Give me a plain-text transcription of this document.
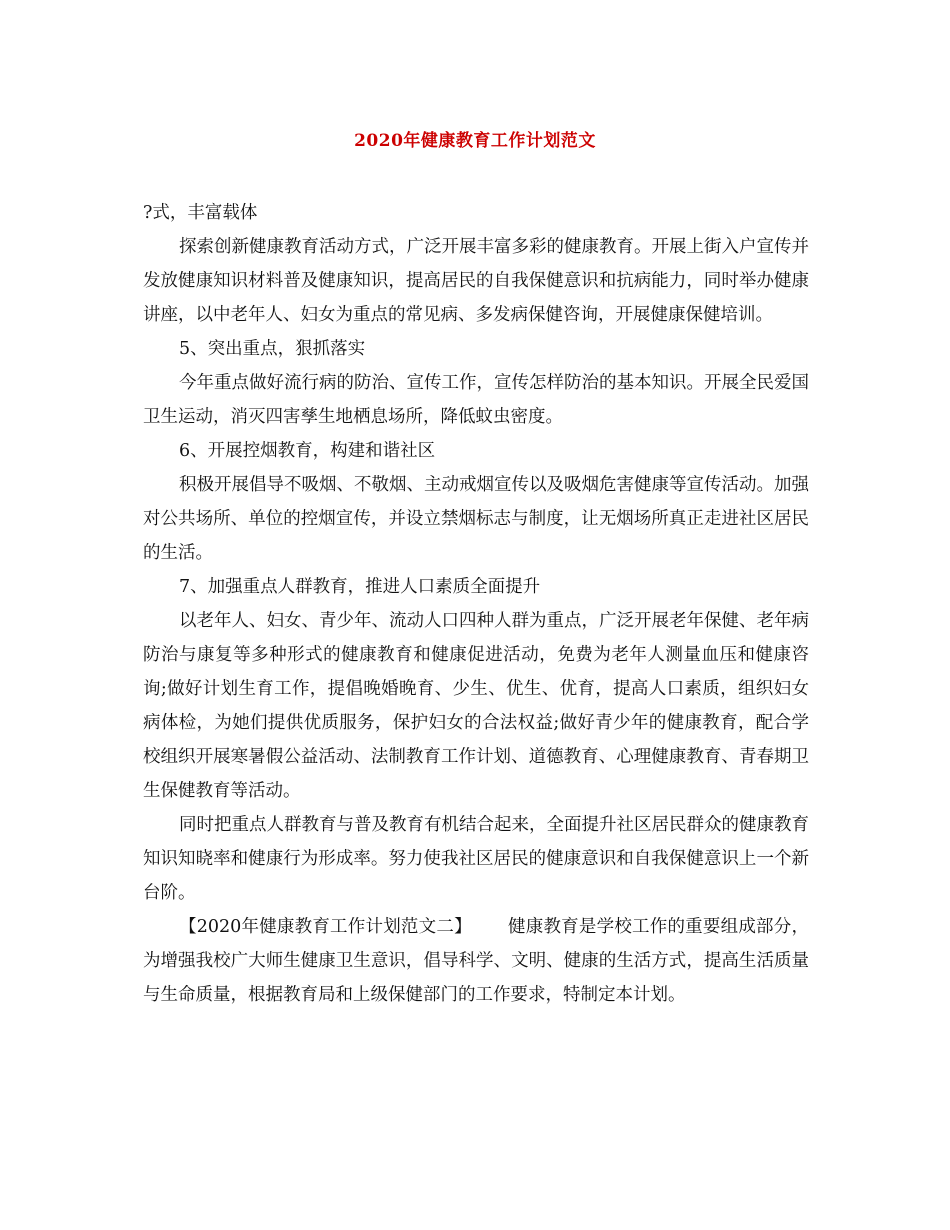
2020年健康教育工作计划范文

?式，丰富载体

探索创新健康教育活动方式，广泛开展丰富多彩的健康教育。开展上街入户宣传并发放健康知识材料普及健康知识，提高居民的自我保健意识和抗病能力，同时举办健康讲座，以中老年人、妇女为重点的常见病、多发病保健咨询，开展健康保健培训。

5、突出重点，狠抓落实

今年重点做好流行病的防治、宣传工作，宣传怎样防治的基本知识。开展全民爱国卫生运动，消灭四害孳生地栖息场所，降低蚊虫密度。

6、开展控烟教育，构建和谐社区

积极开展倡导不吸烟、不敬烟、主动戒烟宣传以及吸烟危害健康等宣传活动。加强对公共场所、单位的控烟宣传，并设立禁烟标志与制度，让无烟场所真正走进社区居民的生活。

7、加强重点人群教育，推进人口素质全面提升

以老年人、妇女、青少年、流动人口四种人群为重点，广泛开展老年保健、老年病防治与康复等多种形式的健康教育和健康促进活动，免费为老年人测量血压和健康咨询;做好计划生育工作，提倡晚婚晚育、少生、优生、优育，提高人口素质，组织妇女病体检，为她们提供优质服务，保护妇女的合法权益;做好青少年的健康教育，配合学校组织开展寒暑假公益活动、法制教育工作计划、道德教育、心理健康教育、青春期卫生保健教育等活动。

同时把重点人群教育与普及教育有机结合起来，全面提升社区居民群众的健康教育知识知晓率和健康行为形成率。努力使我社区居民的健康意识和自我保健意识上一个新台阶。

【2020年健康教育工作计划范文二】 健康教育是学校工作的重要组成部分，为增强我校广大师生健康卫生意识，倡导科学、文明、健康的生活方式，提高生活质量与生命质量，根据教育局和上级保健部门的工作要求，特制定本计划。
